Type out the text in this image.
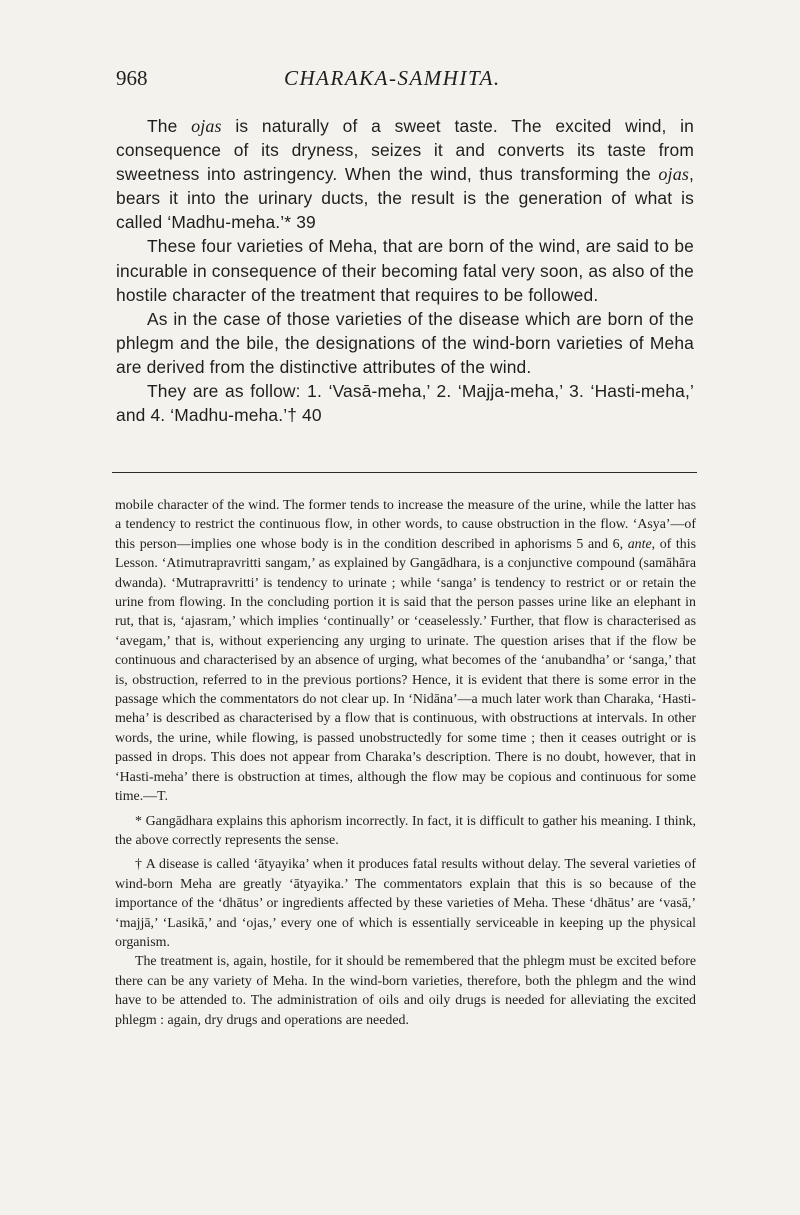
968	CHARAKA-SAMHITA.

The ojas is naturally of a sweet taste. The excited wind, in consequence of its dryness, seizes it and converts its taste from sweetness into astringency. When the wind, thus transforming the ojas, bears it into the urinary ducts, the result is the generation of what is called ‘Madhu-meha.’* 39

These four varieties of Meha, that are born of the wind, are said to be incurable in consequence of their becoming fatal very soon, as also of the hostile character of the treatment that requires to be followed.

As in the case of those varieties of the disease which are born of the phlegm and the bile, the designations of the wind-born varieties of Meha are derived from the distinctive attributes of the wind.

They are as follow: 1. ‘Vasā-meha,’ 2. ‘Majja-meha,’ 3. ‘Hasti-meha,’ and 4. ‘Madhu-meha.’† 40

mobile character of the wind. The former tends to increase the measure of the urine, while the latter has a tendency to restrict the continuous flow, in other words, to cause obstruction in the flow. ‘Asya’—of this person—implies one whose body is in the condition described in aphorisms 5 and 6, ante, of this Lesson. ‘Atimutrapravritti sangam,’ as explained by Gangādhara, is a conjunctive compound (samāhāra dwanda). ‘Mutrapravritti’ is tendency to urinate ; while ‘sanga’ is tendency to restrict or or retain the urine from flowing. In the concluding portion it is said that the person passes urine like an elephant in rut, that is, ‘ajasram,’ which implies ‘continually’ or ‘ceaselessly.’ Further, that flow is characterised as ‘avegam,’ that is, without experiencing any urging to urinate. The question arises that if the flow be continuous and characterised by an absence of urging, what becomes of the ‘anubandha’ or ‘sanga,’ that is, obstruction, referred to in the previous portions? Hence, it is evident that there is some error in the passage which the commentators do not clear up. In ‘Nidāna’—a much later work than Charaka, ‘Hasti-meha’ is described as characterised by a flow that is continuous, with obstructions at intervals. In other words, the urine, while flowing, is passed unobstructedly for some time ; then it ceases outright or is passed in drops. This does not appear from Charaka’s description. There is no doubt, however, that in ‘Hasti-meha’ there is obstruction at times, although the flow may be copious and continuous for some time.—T.

* Gangādhara explains this aphorism incorrectly. In fact, it is difficult to gather his meaning. I think, the above correctly represents the sense.

† A disease is called ‘ātyayika’ when it produces fatal results without delay. The several varieties of wind-born Meha are greatly ‘ātyayika.’ The commentators explain that this is so because of the importance of the ‘dhātus’ or ingredients affected by these varieties of Meha. These ‘dhātus’ are ‘vasā,’ ‘majjā,’ ‘Lasikā,’ and ‘ojas,’ every one of which is essentially serviceable in keeping up the physical organism.

The treatment is, again, hostile, for it should be remembered that the phlegm must be excited before there can be any variety of Meha. In the wind-born varieties, therefore, both the phlegm and the wind have to be attended to. The administration of oils and oily drugs is needed for alleviating the excited phlegm : again, dry drugs and operations are needed.
